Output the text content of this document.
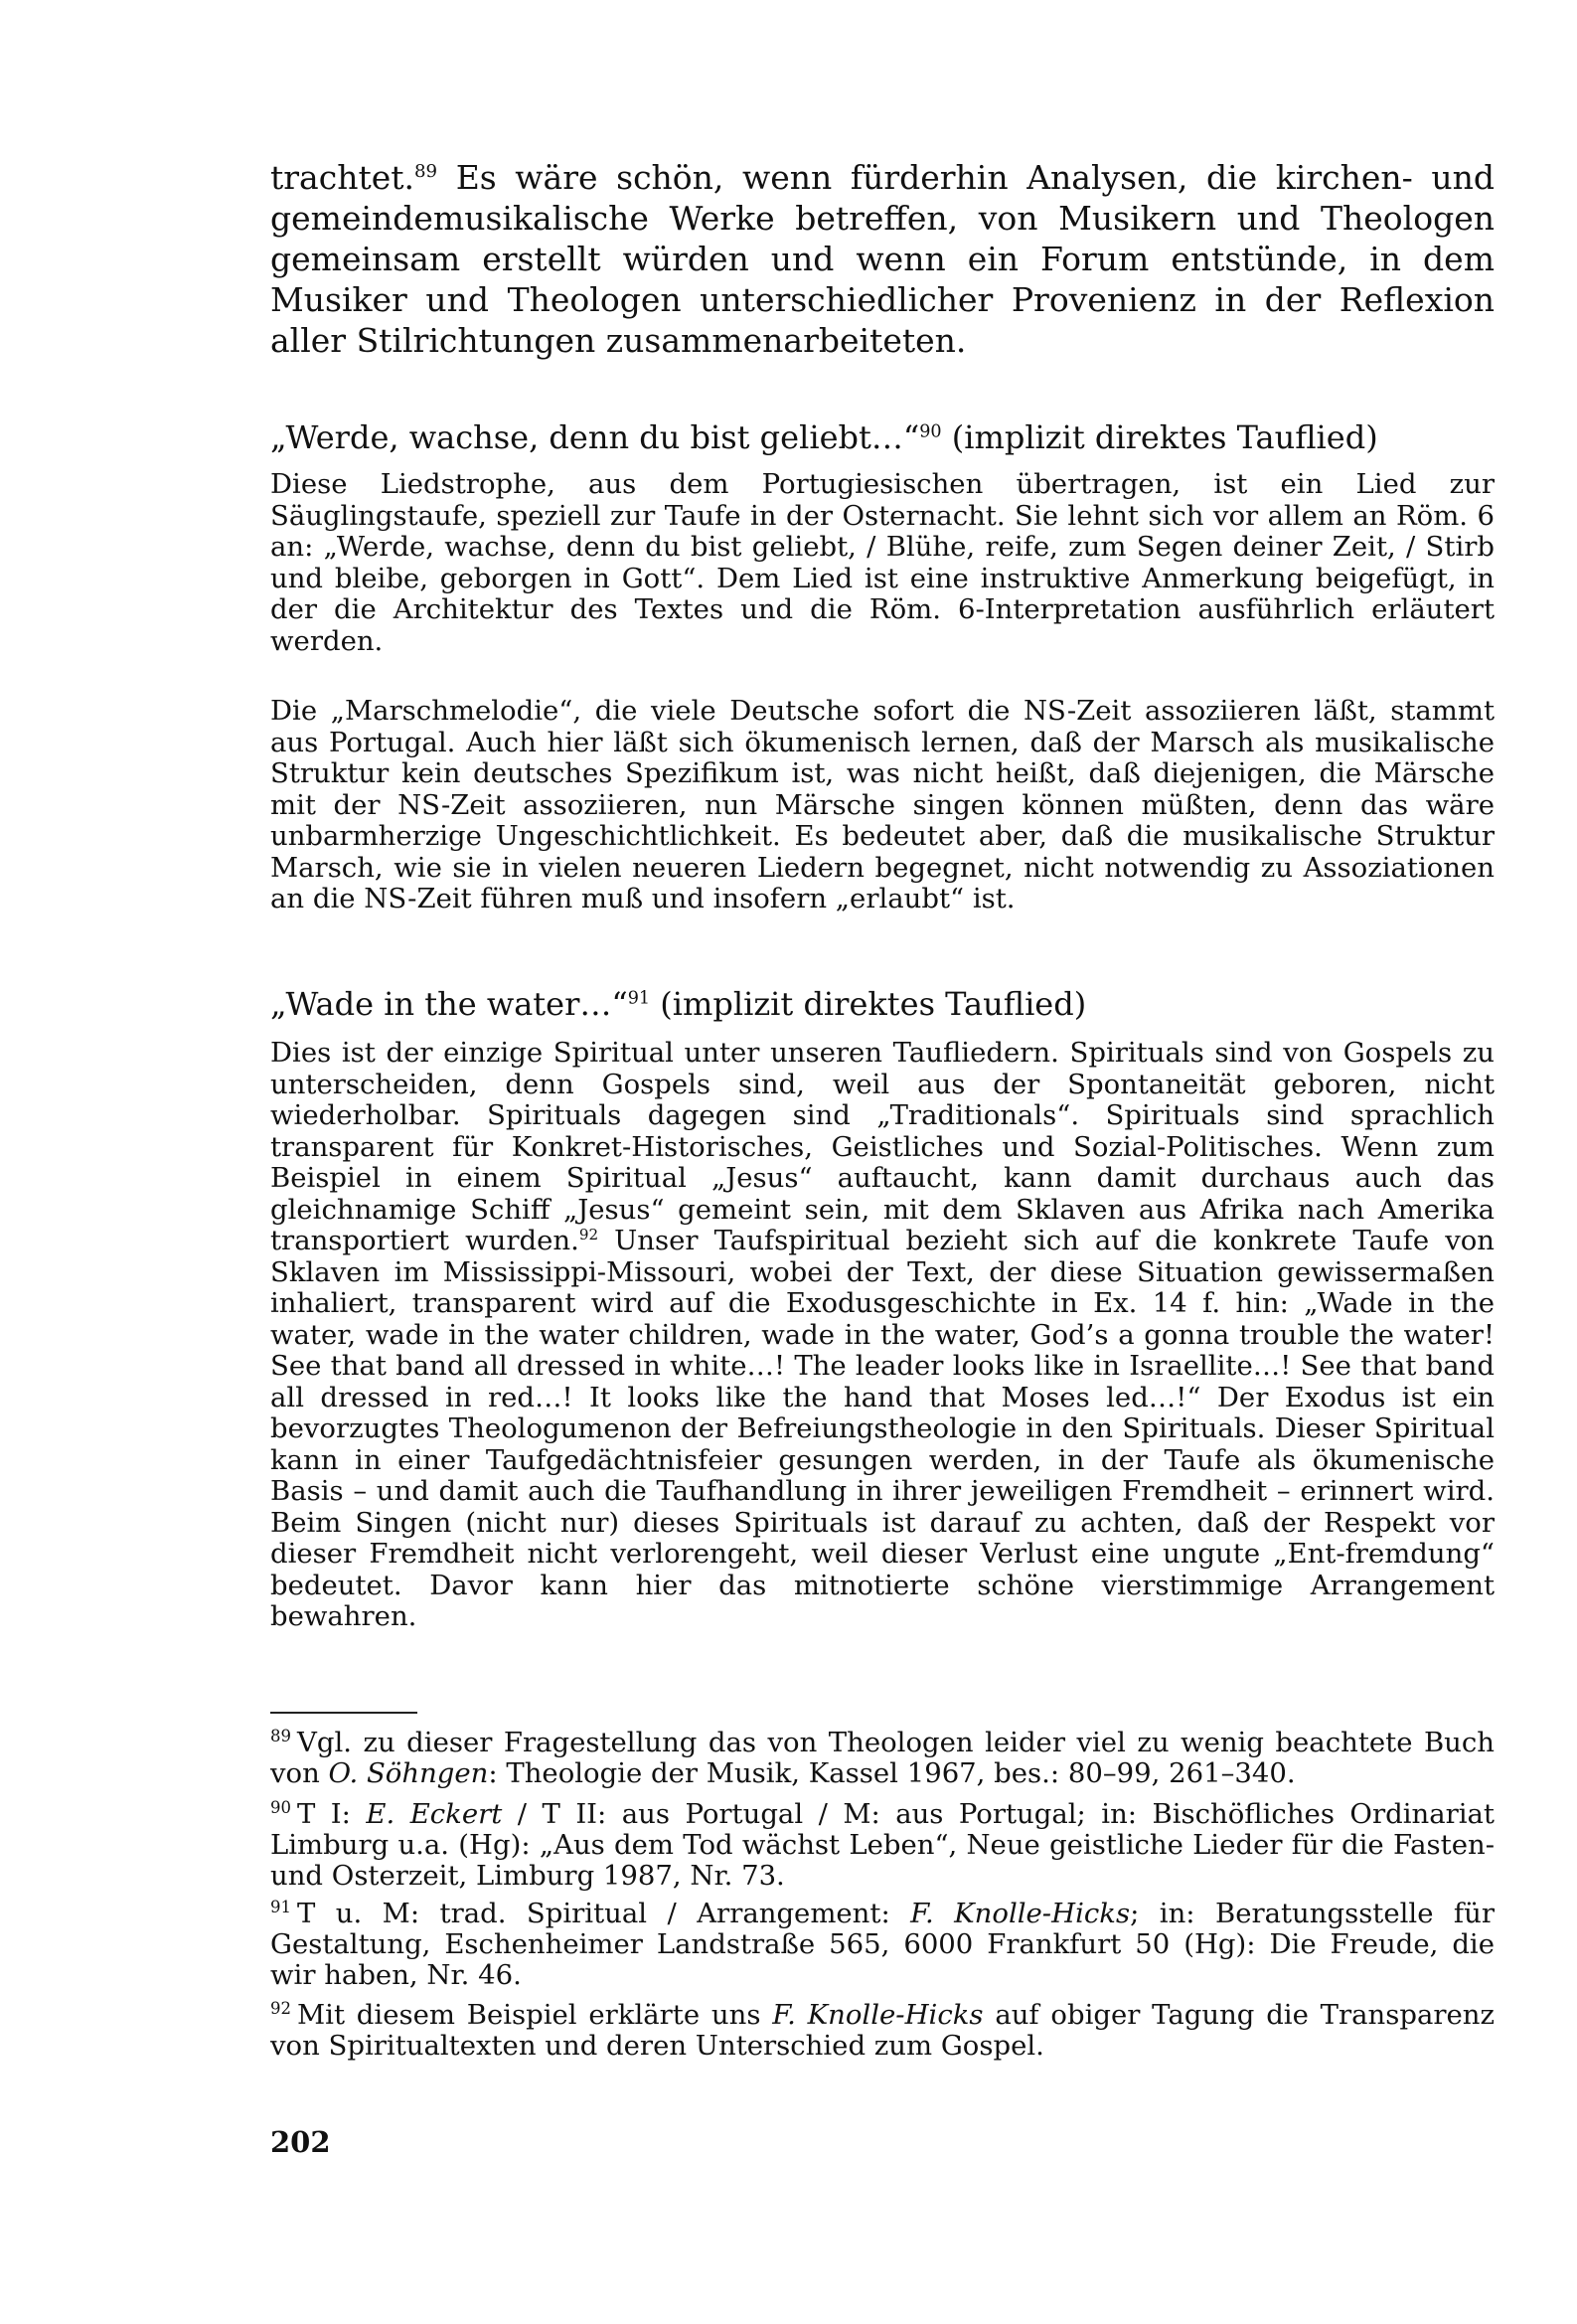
trachtet.$^{89}$ Es wäre schön, wenn fürderhin Analysen, die kirchen- und gemeindemusikalische Werke betreffen, von Musikern und Theologen gemeinsam erstellt würden und wenn ein Forum entstünde, in dem Musiker und Theologen unterschiedlicher Provenienz in der Reflexion aller Stilrichtungen zusammenarbeiteten.

„Werde, wachse, denn du bist geliebt…“$^{90}$ (implizit direktes Tauflied)

Diese Liedstrophe, aus dem Portugiesischen übertragen, ist ein Lied zur Säuglingstaufe, speziell zur Taufe in der Osternacht. Sie lehnt sich vor allem an Röm. 6 an: „Werde, wachse, denn du bist geliebt, / Blühe, reife, zum Segen deiner Zeit, / Stirb und bleibe, geborgen in Gott“. Dem Lied ist eine instruktive Anmerkung beigefügt, in der die Architektur des Textes und die Röm. 6-Interpretation ausführlich erläutert werden.

Die „Marschmelodie“, die viele Deutsche sofort die NS-Zeit assoziieren läßt, stammt aus Portugal. Auch hier läßt sich ökumenisch lernen, daß der Marsch als musikalische Struktur kein deutsches Spezifikum ist, was nicht heißt, daß diejenigen, die Märsche mit der NS-Zeit assoziieren, nun Märsche singen können müßten, denn das wäre unbarmherzige Ungeschichtlichkeit. Es bedeutet aber, daß die musikalische Struktur Marsch, wie sie in vielen neueren Liedern begegnet, nicht notwendig zu Assoziationen an die NS-Zeit führen muß und insofern „erlaubt“ ist.

„Wade in the water…“$^{91}$ (implizit direktes Tauflied)

Dies ist der einzige Spiritual unter unseren Taufliedern. Spirituals sind von Gospels zu unterscheiden, denn Gospels sind, weil aus der Spontaneität geboren, nicht wiederholbar. Spirituals dagegen sind „Traditionals“. Spirituals sind sprachlich transparent für Konkret-Historisches, Geistliches und Sozial-Politisches. Wenn zum Beispiel in einem Spiritual „Jesus“ auftaucht, kann damit durchaus auch das gleichnamige Schiff „Jesus“ gemeint sein, mit dem Sklaven aus Afrika nach Amerika transportiert wurden.$^{92}$ Unser Taufspiritual bezieht sich auf die konkrete Taufe von Sklaven im Mississippi-Missouri, wobei der Text, der diese Situation gewissermaßen inhaliert, transparent wird auf die Exodusgeschichte in Ex. 14 f. hin: „Wade in the water, wade in the water children, wade in the water, God’s a gonna trouble the water! See that band all dressed in white…! The leader looks like in Israellite…! See that band all dressed in red…! It looks like the hand that Moses led…!“ Der Exodus ist ein bevorzugtes Theologumenon der Befreiungstheologie in den Spirituals. Dieser Spiritual kann in einer Taufgedächtnisfeier gesungen werden, in der Taufe als ökumenische Basis – und damit auch die Taufhandlung in ihrer jeweiligen Fremdheit – erinnert wird. Beim Singen (nicht nur) dieses Spirituals ist darauf zu achten, daß der Respekt vor dieser Fremdheit nicht verlorengeht, weil dieser Verlust eine ungute „Ent-fremdung“ bedeutet. Davor kann hier das mitnotierte schöne vierstimmige Arrangement bewahren.

$^{89}$ Vgl. zu dieser Fragestellung das von Theologen leider viel zu wenig beachtete Buch von O. Söhngen: Theologie der Musik, Kassel 1967, bes.: 80–99, 261–340.

$^{90}$ T I: E. Eckert / T II: aus Portugal / M: aus Portugal; in: Bischöfliches Ordinariat Limburg u.a. (Hg): „Aus dem Tod wächst Leben“, Neue geistliche Lieder für die Fasten- und Osterzeit, Limburg 1987, Nr. 73.

$^{91}$ T u. M: trad. Spiritual / Arrangement: F. Knolle-Hicks; in: Beratungsstelle für Gestaltung, Eschenheimer Landstraße 565, 6000 Frankfurt 50 (Hg): Die Freude, die wir haben, Nr. 46.

$^{92}$ Mit diesem Beispiel erklärte uns F. Knolle-Hicks auf obiger Tagung die Transparenz von Spiritualtexten und deren Unterschied zum Gospel.

202
